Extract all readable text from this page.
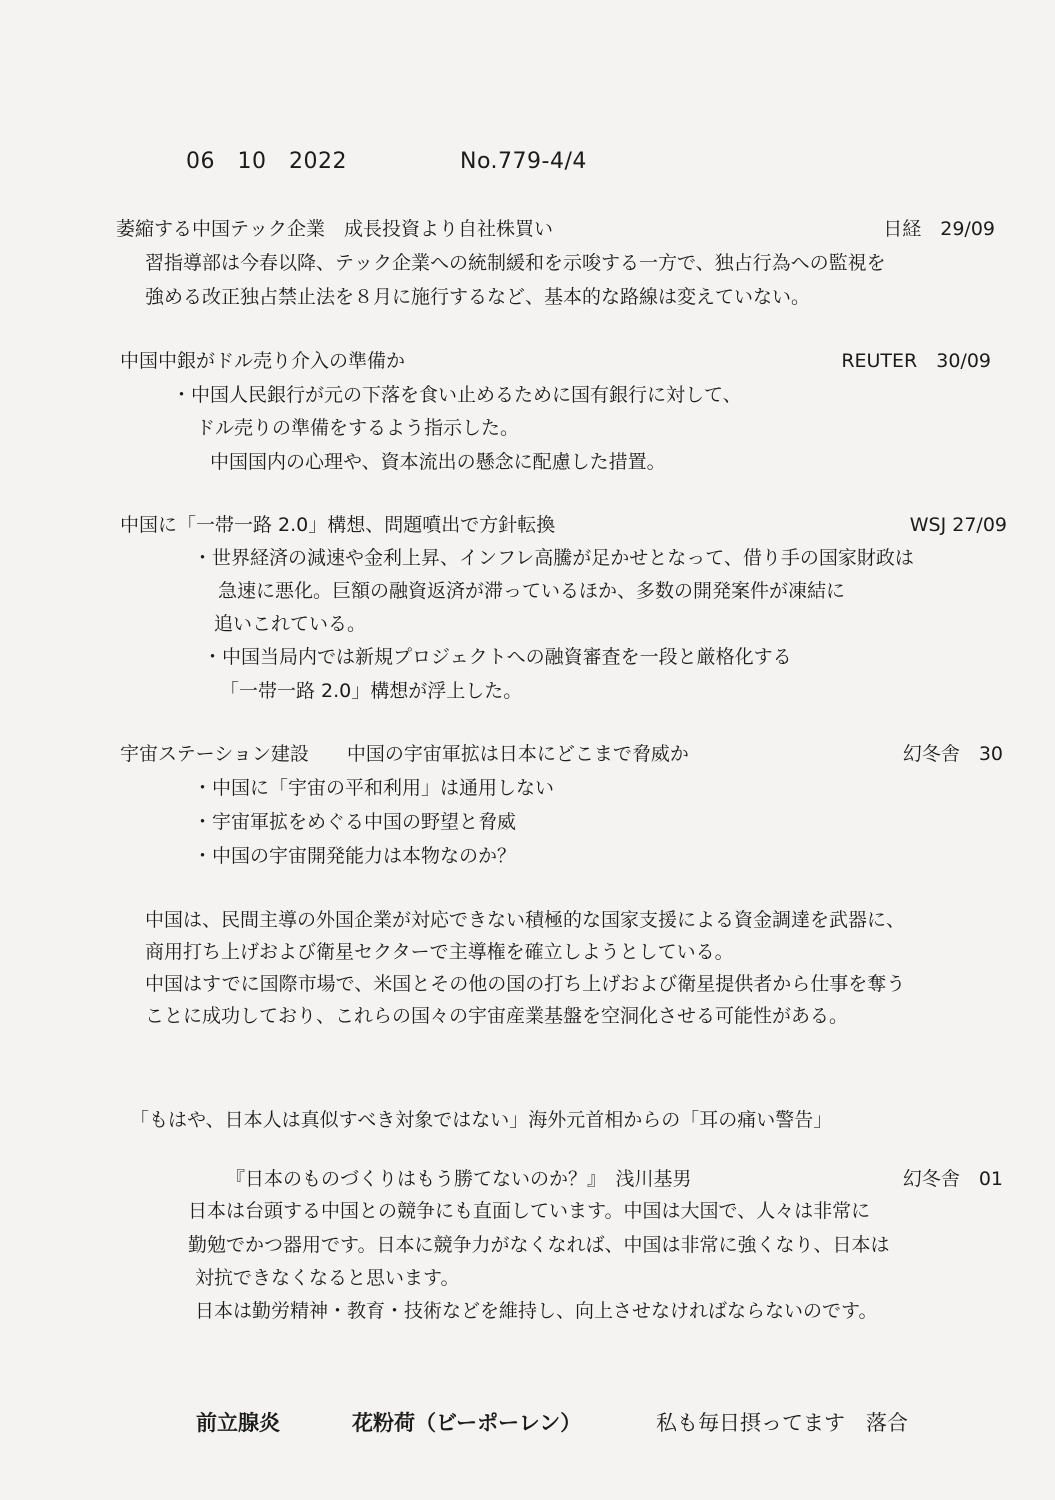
06　10　2022	No.779-4/4
萎縮する中国テック企業　成長投資より自社株買い	日経　29/09
習指導部は今春以降、テック企業への統制緩和を示唆する一方で、独占行為への監視を
強める改正独占禁止法を８月に施行するなど、基本的な路線は変えていない。
中国中銀がドル売り介入の準備か	REUTER　30/09
・中国人民銀行が元の下落を食い止めるために国有銀行に対して、
ドル売りの準備をするよう指示した。
中国国内の心理や、資本流出の懸念に配慮した措置。
中国に「一帯一路 2.0」構想、問題噴出で方針転換	WSJ 27/09
・世界経済の減速や金利上昇、インフレ高騰が足かせとなって、借り手の国家財政は
急速に悪化。巨額の融資返済が滞っているほか、多数の開発案件が凍結に
追いこれている。
・中国当局内では新規プロジェクトへの融資審査を一段と厳格化する
「一帯一路 2.0」構想が浮上した。
宇宙ステーション建設　　中国の宇宙軍拡は日本にどこまで脅威か	幻冬舎　30
・中国に「宇宙の平和利用」は通用しない
・宇宙軍拡をめぐる中国の野望と脅威
・中国の宇宙開発能力は本物なのか？
中国は、民間主導の外国企業が対応できない積極的な国家支援による資金調達を武器に、
商用打ち上げおよび衛星セクターで主導権を確立しようとしている。
中国はすでに国際市場で、米国とその他の国の打ち上げおよび衛星提供者から仕事を奪う
ことに成功しており、これらの国々の宇宙産業基盤を空洞化させる可能性がある。
「もはや、日本人は真似すべき対象ではない」海外元首相からの「耳の痛い警告」
『日本のものづくりはもう勝てないのか？』　浅川基男	幻冬舎　01
日本は台頭する中国との競争にも直面しています。中国は大国で、人々は非常に
勤勉でかつ器用です。日本に競争力がなくなれば、中国は非常に強くなり、日本は
対抗できなくなると思います。
日本は勤労精神・教育・技術などを維持し、向上させなければならないのです。
前立腺炎	花粉荷（ビーポーレン）	私も毎日摂ってます　落合
